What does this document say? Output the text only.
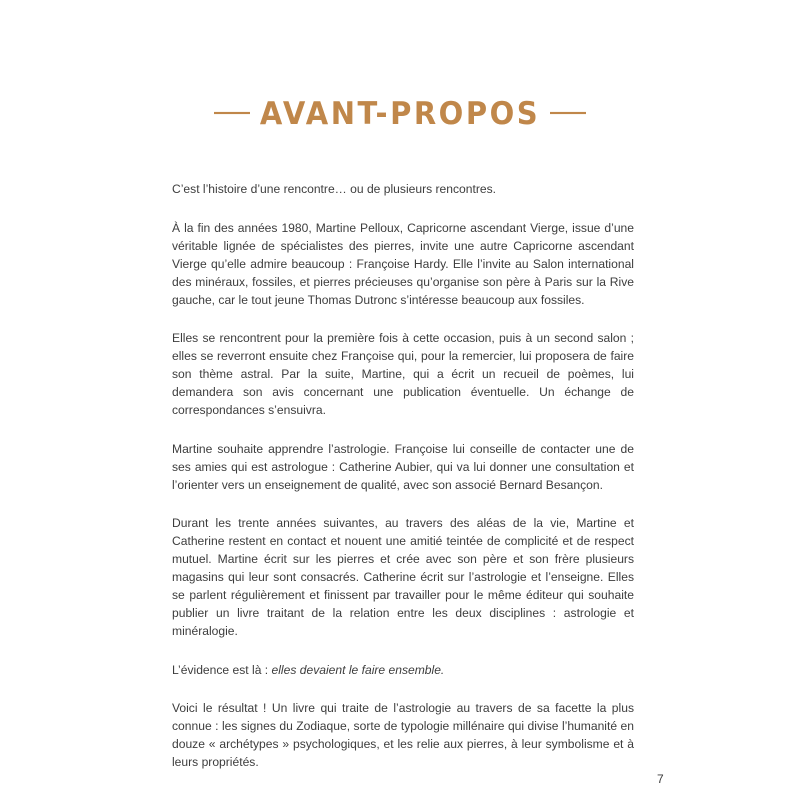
AVANT-PROPOS

C’est l’histoire d’une rencontre… ou de plusieurs rencontres.

À la fin des années 1980, Martine Pelloux, Capricorne ascendant Vierge, issue d’une véritable lignée de spécialistes des pierres, invite une autre Capricorne ascendant Vierge qu’elle admire beaucoup : Françoise Hardy. Elle l’invite au Salon international des minéraux, fossiles, et pierres précieuses qu’organise son père à Paris sur la Rive gauche, car le tout jeune Thomas Dutronc s’intéresse beaucoup aux fossiles.

Elles se rencontrent pour la première fois à cette occasion, puis à un second salon ; elles se reverront ensuite chez Françoise qui, pour la remercier, lui proposera de faire son thème astral. Par la suite, Martine, qui a écrit un recueil de poèmes, lui demandera son avis concernant une publication éventuelle. Un échange de correspondances s’ensuivra.

Martine souhaite apprendre l’astrologie. Françoise lui conseille de contacter une de ses amies qui est astrologue : Catherine Aubier, qui va lui donner une consultation et l’orienter vers un enseignement de qualité, avec son associé Bernard Besançon.

Durant les trente années suivantes, au travers des aléas de la vie, Martine et Catherine restent en contact et nouent une amitié teintée de complicité et de respect mutuel. Martine écrit sur les pierres et crée avec son père et son frère plusieurs magasins qui leur sont consacrés. Catherine écrit sur l’astrologie et l’enseigne. Elles se parlent régulièrement et finissent par travailler pour le même éditeur qui souhaite publier un livre traitant de la relation entre les deux disciplines : astrologie et minéralogie.

L’évidence est là : elles devaient le faire ensemble.

Voici le résultat ! Un livre qui traite de l’astrologie au travers de sa facette la plus connue : les signes du Zodiaque, sorte de typologie millénaire qui divise l’humanité en douze « archétypes » psychologiques, et les relie aux pierres, à leur symbolisme et à leurs propriétés.

7
